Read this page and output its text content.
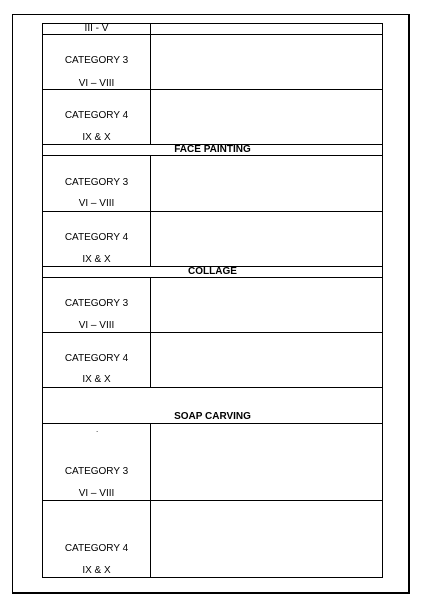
III - V	

CATEGORY 3
VI – VIII	

CATEGORY 4
IX & X	

FACE PAINTING	

CATEGORY 3
VI – VIII	

CATEGORY 4
IX & X	

COLLAGE	

CATEGORY 3
VI – VIII	

CATEGORY 4
IX & X	

SOAP CARVING	

.
CATEGORY 3
VI – VIII	

CATEGORY 4
IX & X	
